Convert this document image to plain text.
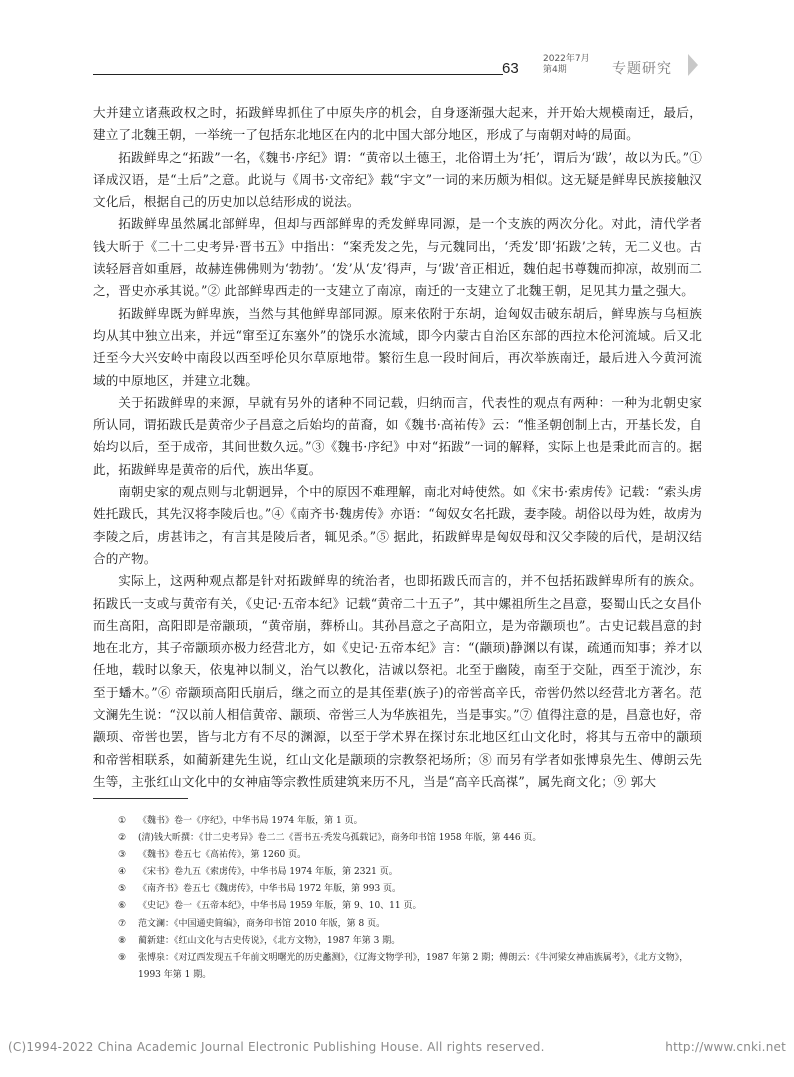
63
2022年7月
第4期	专题研究

大并建立诸燕政权之时，拓跋鲜卑抓住了中原失序的机会，自身逐渐强大起来，并开始大规模南迁，最后，建立了北魏王朝，一举统一了包括东北地区在内的北中国大部分地区，形成了与南朝对峙的局面。

拓跋鲜卑之“拓跋”一名，《魏书·序纪》谓：“黄帝以土德王，北俗谓土为‘托’，谓后为‘跋’，故以为氏。”① 译成汉语，是“土后”之意。此说与《周书·文帝纪》载“宇文”一词的来历颇为相似。这无疑是鲜卑民族接触汉文化后，根据自己的历史加以总结形成的说法。

拓跋鲜卑虽然属北部鲜卑，但却与西部鲜卑的秃发鲜卑同源，是一个支族的两次分化。对此，清代学者钱大昕于《二十二史考异·晋书五》中指出：“案秃发之先，与元魏同出，‘秃发’即‘拓跋’之转，无二义也。古读轻唇音如重唇，故赫连佛佛则为‘勃勃’。‘发’从‘犮’得声，与‘跋’音正相近，魏伯起书尊魏而抑凉，故别而二之，晋史亦承其说。”② 此部鲜卑西走的一支建立了南凉，南迁的一支建立了北魏王朝，足见其力量之强大。

拓跋鲜卑既为鲜卑族，当然与其他鲜卑部同源。原来依附于东胡，迨匈奴击破东胡后，鲜卑族与乌桓族均从其中独立出来，并远“窜至辽东塞外”的饶乐水流域，即今内蒙古自治区东部的西拉木伦河流域。后又北迁至今大兴安岭中南段以西至呼伦贝尔草原地带。繁衍生息一段时间后，再次举族南迁，最后进入今黄河流域的中原地区，并建立北魏。

关于拓跋鲜卑的来源，早就有另外的诸种不同记载，归纳而言，代表性的观点有两种：一种为北朝史家所认同，谓拓跋氏是黄帝少子昌意之后始均的苗裔，如《魏书·高祐传》云：“惟圣朝创制上古，开基长发，自始均以后，至于成帝，其间世数久远。”③《魏书·序纪》中对“拓跋”一词的解释，实际上也是秉此而言的。据此，拓跋鲜卑是黄帝的后代，族出华夏。

南朝史家的观点则与北朝迥异，个中的原因不难理解，南北对峙使然。如《宋书·索虏传》记载：“索头虏姓托跋氏，其先汉将李陵后也。”④《南齐书·魏虏传》亦语：“匈奴女名托跋，妻李陵。胡俗以母为姓，故虏为李陵之后，虏甚讳之，有言其是陵后者，辄见杀。”⑤ 据此，拓跋鲜卑是匈奴母和汉父李陵的后代，是胡汉结合的产物。

实际上，这两种观点都是针对拓跋鲜卑的统治者，也即拓跋氏而言的，并不包括拓跋鲜卑所有的族众。拓跋氏一支或与黄帝有关，《史记·五帝本纪》记载“黄帝二十五子”，其中嫘祖所生之昌意，娶蜀山氏之女昌仆而生高阳，高阳即是帝颛顼，“黄帝崩，葬桥山。其孙昌意之子高阳立，是为帝颛顼也”。古史记载昌意的封地在北方，其子帝颛顼亦极力经营北方，如《史记·五帝本纪》言：“(颛顼)静渊以有谋，疏通而知事；养才以任地，载时以象天，依鬼神以制义，治气以教化，洁诚以祭祀。北至于幽陵，南至于交阯，西至于流沙，东至于蟠木。”⑥ 帝颛顼高阳氏崩后，继之而立的是其侄辈(族子)的帝喾高辛氏，帝喾仍然以经营北方著名。范文澜先生说：“汉以前人相信黄帝、颛顼、帝喾三人为华族祖先，当是事实。”⑦ 值得注意的是，昌意也好，帝颛顼、帝喾也罢，皆与北方有不尽的渊源，以至于学术界在探讨东北地区红山文化时，将其与五帝中的颛顼和帝喾相联系，如蔺新建先生说，红山文化是颛顼的宗教祭祀场所；⑧ 而另有学者如张博泉先生、傅朗云先生等，主张红山文化中的女神庙等宗教性质建筑来历不凡，当是“高辛氏高禖”，属先商文化；⑨ 郭大

①	《魏书》卷一《序纪》，中华书局 1974 年版，第 1 页。
②	(清)钱大昕撰：《廿二史考异》卷二二《晋书五·秃发乌孤载记》，商务印书馆 1958 年版，第 446 页。
③	《魏书》卷五七《高祐传》，第 1260 页。
④	《宋书》卷九五《索虏传》，中华书局 1974 年版，第 2321 页。
⑤	《南齐书》卷五七《魏虏传》，中华书局 1972 年版，第 993 页。
⑥	《史记》卷一《五帝本纪》，中华书局 1959 年版，第 9、10、11 页。
⑦	范文澜：《中国通史简编》，商务印书馆 2010 年版，第 8 页。
⑧	蔺新建：《红山文化与古史传说》，《北方文物》，1987 年第 3 期。
⑨	张博泉：《对辽西发现五千年前文明曙光的历史蠡测》，《辽海文物学刊》，1987 年第 2 期；傅朗云：《牛河梁女神庙族属考》，《北方文物》，1993 年第 1 期。
(C)1994-2022 China Academic Journal Electronic Publishing House. All rights reserved.	http://www.cnki.net
